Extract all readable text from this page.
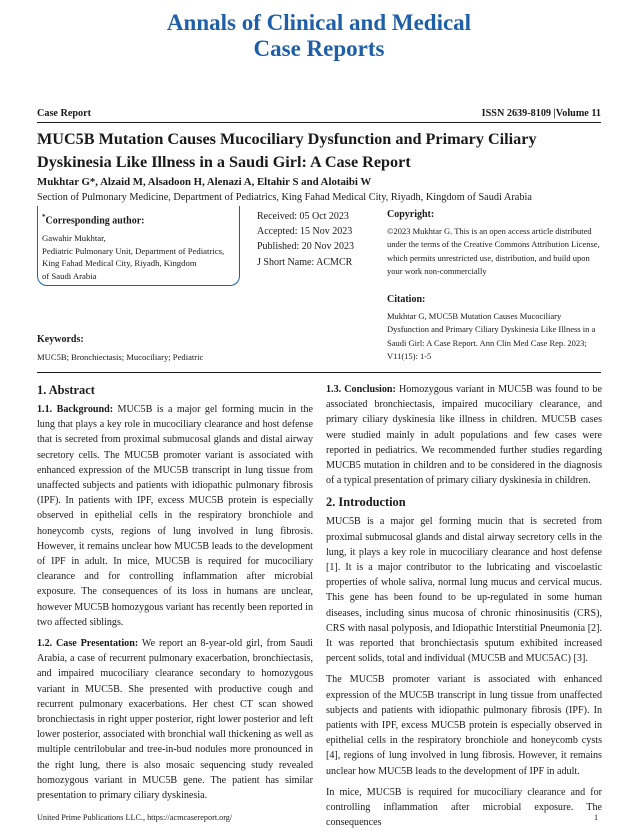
Annals of Clinical and Medical
Case Reports
Case Report	ISSN 2639-8109 |Volume 11
MUC5B Mutation Causes Mucociliary Dysfunction and Primary Ciliary Dyskinesia Like Illness in a Saudi Girl: A Case Report
Mukhtar G*, Alzaid M, Alsadoon H, Alenazi A, Eltahir S and Alotaibi W
Section of Pulmonary Medicine, Department of Pediatrics, King Fahad Medical City, Riyadh, Kingdom of Saudi Arabia
*Corresponding author:
Gawahir Mukhtar,
Pediatric Pulmonary Unit, Department of Pediatrics,
King Fahad Medical City, Riyadh, Kingdom
of Saudi Arabia
Received: 05 Oct 2023
Accepted: 15 Nov 2023
Published: 20 Nov 2023
J Short Name: ACMCR
Copyright:
©2023 Mukhtar G. This is an open access article distributed under the terms of the Creative Commons Attribution License, which permits unrestricted use, distribution, and build upon your work non-commercially
Citation:
Mukhtar G, MUC5B Mutation Causes Mucociliary Dysfunction and Primary Ciliary Dyskinesia Like Illness in a Saudi Girl: A Case Report. Ann Clin Med Case Rep. 2023; V11(15): 1-5
Keywords:
MUC5B; Bronchiectasis; Mucociliary; Pediatric
1. Abstract

1.1. Background: MUC5B is a major gel forming mucin in the lung that plays a key role in mucociliary clearance and host defense that is secreted from proximal submucosal glands and distal airway secretory cells. The MUC5B promoter variant is associated with enhanced expression of the MUC5B transcript in lung tissue from unaffected subjects and patients with idiopathic pulmonary fibrosis (IPF). In patients with IPF, excess MUC5B protein is especially observed in epithelial cells in the respiratory bronchiole and honeycomb cysts, regions of lung involved in lung fibrosis. However, it remains unclear how MUC5B leads to the development of IPF in adult. In mice, MUC5B is required for mucociliary clearance and for controlling inflammation after microbial exposure. The consequences of its loss in humans are unclear, however MUC5B homozygous variant has recently been reported in two affected siblings.

1.2. Case Presentation: We report an 8-year-old girl, from Saudi Arabia, a case of recurrent pulmonary exacerbation, bronchiectasis, and impaired mucociliary clearance secondary to homozygous variant in MUC5B. She presented with productive cough and recurrent pulmonary exacerbations. Her chest CT scan showed bronchiectasis in right upper posterior, right lower posterior and left lower posterior, associated with bronchial wall thickening as well as multiple centrilobular and tree-in-bud nodules more pronounced in the right lung, there is also mosaic sequencing study revealed homozygous variant in MUC5B gene. The patient has similar presentation to primary ciliary dyskinesia.

1.3. Conclusion: Homozygous variant in MUC5B was found to be associated bronchiectasis, impaired mucociliary clearance, and primary ciliary dyskinesia like illness in children. MUC5B cases were studied mainly in adult populations and few cases were reported in pediatrics. We recommended further studies regarding MUCB5 mutation in children and to be considered in the diagnosis of a typical presentation of primary ciliary dyskinesia in children.

2. Introduction

MUC5B is a major gel forming mucin that is secreted from proximal submucosal glands and distal airway secretory cells in the lung, it plays a key role in mucociliary clearance and host defense [1]. It is a major contributor to the lubricating and viscoelastic properties of whole saliva, normal lung mucus and cervical mucus. This gene has been found to be up-regulated in some human diseases, including sinus mucosa of chronic rhinosinusitis (CRS), CRS with nasal polyposis, and Idiopathic Interstitial Pneumonia [2]. It was reported that bronchiectasis sputum exhibited increased percent solids, total and individual (MUC5B and MUC5AC) [3].

The MUC5B promoter variant is associated with enhanced expression of the MUC5B transcript in lung tissue from unaffected subjects and patients with idiopathic pulmonary fibrosis (IPF). In patients with IPF, excess MUC5B protein is especially observed in epithelial cells in the respiratory bronchiole and honeycomb cysts [4], regions of lung involved in lung fibrosis. However, it remains unclear how MUC5B leads to the development of IPF in adult.

In mice, MUC5B is required for mucociliary clearance and for controlling inflammation after microbial exposure. The consequences

United Prime Publications LLC., https://acmcasereport.org/	1
